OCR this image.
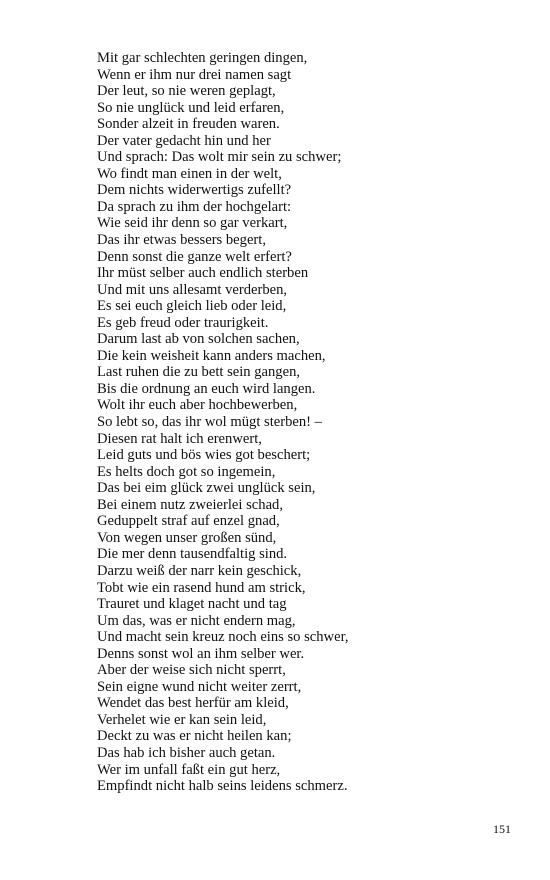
Mit gar schlechten geringen dingen,
Wenn er ihm nur drei namen sagt
Der leut, so nie weren geplagt,
So nie unglück und leid erfaren,
Sonder alzeit in freuden waren.
Der vater gedacht hin und her
Und sprach: Das wolt mir sein zu schwer;
Wo findt man einen in der welt,
Dem nichts widerwertigs zufellt?
Da sprach zu ihm der hochgelart:
Wie seid ihr denn so gar verkart,
Das ihr etwas bessers begert,
Denn sonst die ganze welt erfert?
Ihr müst selber auch endlich sterben
Und mit uns allesamt verderben,
Es sei euch gleich lieb oder leid,
Es geb freud oder traurigkeit.
Darum last ab von solchen sachen,
Die kein weisheit kann anders machen,
Last ruhen die zu bett sein gangen,
Bis die ordnung an euch wird langen.
Wolt ihr euch aber hochbewerben,
So lebt so, das ihr wol mügt sterben! –
Diesen rat halt ich erenwert,
Leid guts und bös wies got beschert;
Es helts doch got so ingemein,
Das bei eim glück zwei unglück sein,
Bei einem nutz zweierlei schad,
Geduppelt straf auf enzel gnad,
Von wegen unser großen sünd,
Die mer denn tausendfaltig sind.
Darzu weiß der narr kein geschick,
Tobt wie ein rasend hund am strick,
Trauret und klaget nacht und tag
Um das, was er nicht endern mag,
Und macht sein kreuz noch eins so schwer,
Denns sonst wol an ihm selber wer.
Aber der weise sich nicht sperrt,
Sein eigne wund nicht weiter zerrt,
Wendet das best herfür am kleid,
Verhelet wie er kan sein leid,
Deckt zu was er nicht heilen kan;
Das hab ich bisher auch getan.
Wer im unfall faßt ein gut herz,
Empfindt nicht halb seins leidens schmerz.
151
